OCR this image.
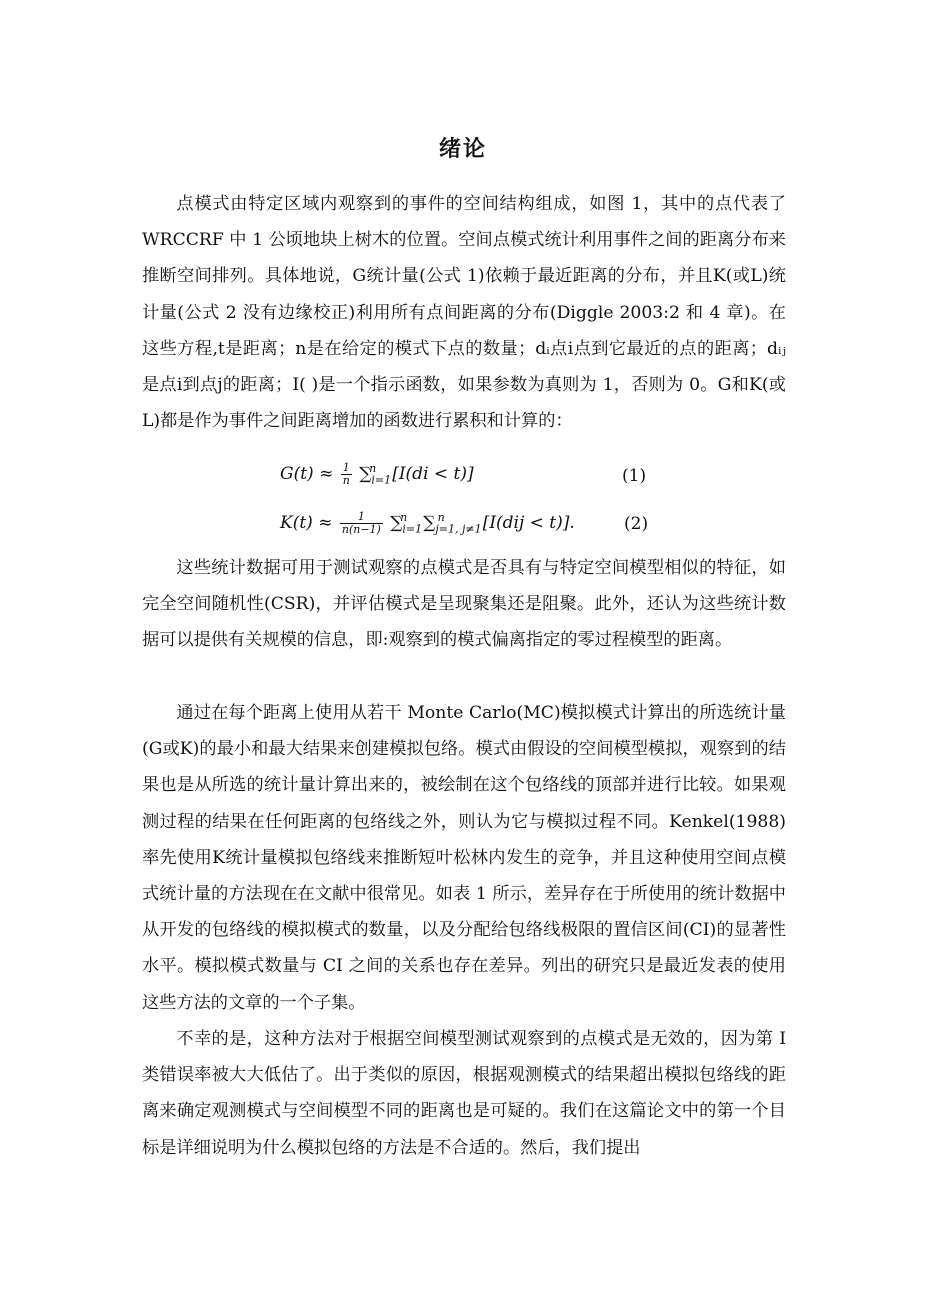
绪论

点模式由特定区域内观察到的事件的空间结构组成，如图 1，其中的点代表了 WRCCRF 中 1 公顷地块上树木的位置。空间点模式统计利用事件之间的距离分布来推断空间排列。具体地说，G统计量(公式 1)依赖于最近距离的分布，并且K(或L)统计量(公式 2 没有边缘校正)利用所有点间距离的分布(Diggle 2003:2 和 4 章)。在这些方程,t是距离；n是在给定的模式下点的数量；dᵢ点i点到它最近的点的距离；dᵢⱼ是点i到点j的距离；I( )是一个指示函数，如果参数为真则为 1，否则为 0。G和K(或L)都是作为事件之间距离增加的函数进行累积和计算的：

$G(t) \approx \frac{1}{n} \sum_{i=1}^n$ [I(di < t)]	(1)
$K(t) \approx \frac{1}{n(n-1)} \sum_{i=1}^n$ $\sum_{j=1, j\ne 1}^n$ [I(dij < t)].	(2)

这些统计数据可用于测试观察的点模式是否具有与特定空间模型相似的特征，如完全空间随机性(CSR)，并评估模式是呈现聚集还是阻聚。此外，还认为这些统计数据可以提供有关规模的信息，即:观察到的模式偏离指定的零过程模型的距离。

通过在每个距离上使用从若干 Monte Carlo(MC)模拟模式计算出的所选统计量(G或K)的最小和最大结果来创建模拟包络。模式由假设的空间模型模拟，观察到的结果也是从所选的统计量计算出来的，被绘制在这个包络线的顶部并进行比较。如果观测过程的结果在任何距离的包络线之外，则认为它与模拟过程不同。Kenkel(1988)率先使用K统计量模拟包络线来推断短叶松林内发生的竞争，并且这种使用空间点模式统计量的方法现在在文献中很常见。如表 1 所示，差异存在于所使用的统计数据中从开发的包络线的模拟模式的数量，以及分配给包络线极限的置信区间(CI)的显著性水平。模拟模式数量与 CI 之间的关系也存在差异。列出的研究只是最近发表的使用这些方法的文章的一个子集。

不幸的是，这种方法对于根据空间模型测试观察到的点模式是无效的，因为第 I 类错误率被大大低估了。出于类似的原因，根据观测模式的结果超出模拟包络线的距离来确定观测模式与空间模型不同的距离也是可疑的。我们在这篇论文中的第一个目标是详细说明为什么模拟包络的方法是不合适的。然后，我们提出
